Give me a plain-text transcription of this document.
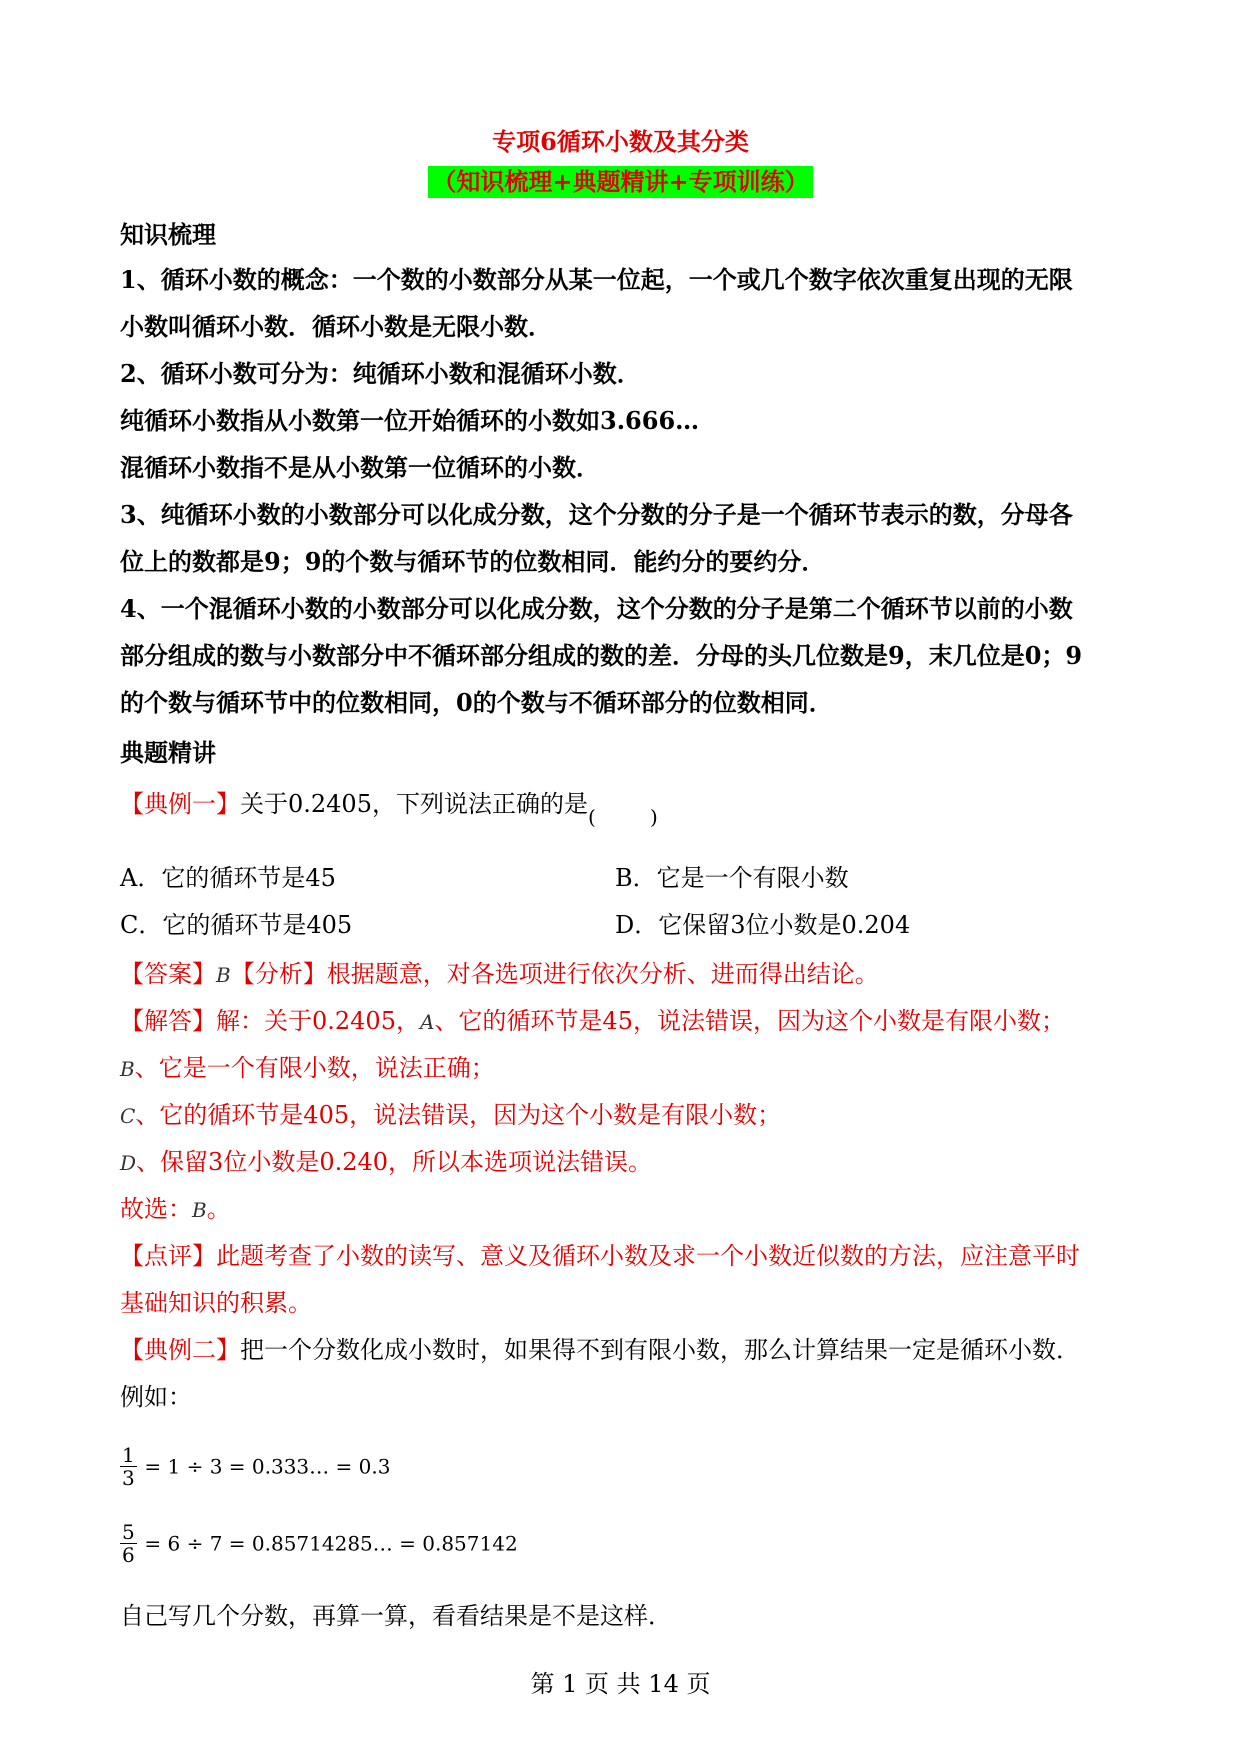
专项6循环小数及其分类
（知识梳理+典题精讲+专项训练）
知识梳理
1、循环小数的概念：一个数的小数部分从某一位起，一个或几个数字依次重复出现的无限
小数叫循环小数．循环小数是无限小数．
2、循环小数可分为：纯循环小数和混循环小数．
纯循环小数指从小数第一位开始循环的小数如3.666…
混循环小数指不是从小数第一位循环的小数．
3、纯循环小数的小数部分可以化成分数，这个分数的分子是一个循环节表示的数，分母各
位上的数都是9；9的个数与循环节的位数相同．能约分的要约分．
4、一个混循环小数的小数部分可以化成分数，这个分数的分子是第二个循环节以前的小数
部分组成的数与小数部分中不循环部分组成的数的差．分母的头几位数是9，末几位是0；9
的个数与循环节中的位数相同，0的个数与不循环部分的位数相同．
典题精讲
【典例一】关于0.2405，下列说法正确的是 (	)
A．它的循环节是45	B．它是一个有限小数
C．它的循环节是405	D．它保留3位小数是0.204
【答案】B【分析】根据题意，对各选项进行依次分析、进而得出结论。
【解答】解：关于0.2405，A、它的循环节是45，说法错误，因为这个小数是有限小数；
B、它是一个有限小数，说法正确；
C、它的循环节是405，说法错误，因为这个小数是有限小数；
D、保留3位小数是0.240，所以本选项说法错误。
故选：B。
【点评】此题考查了小数的读写、意义及循环小数及求一个小数近似数的方法，应注意平时
基础知识的积累。
【典例二】把一个分数化成小数时，如果得不到有限小数，那么计算结果一定是循环小数．
例如：
$\frac{1}{3} = 1 \div 3$ = 0.333… = 0.3
$\frac{5}{6} = 6 \div 7$ = 0.85714285… = 0.857142
自己写几个分数，再算一算，看看结果是不是这样．
第 1 页 共 14 页
